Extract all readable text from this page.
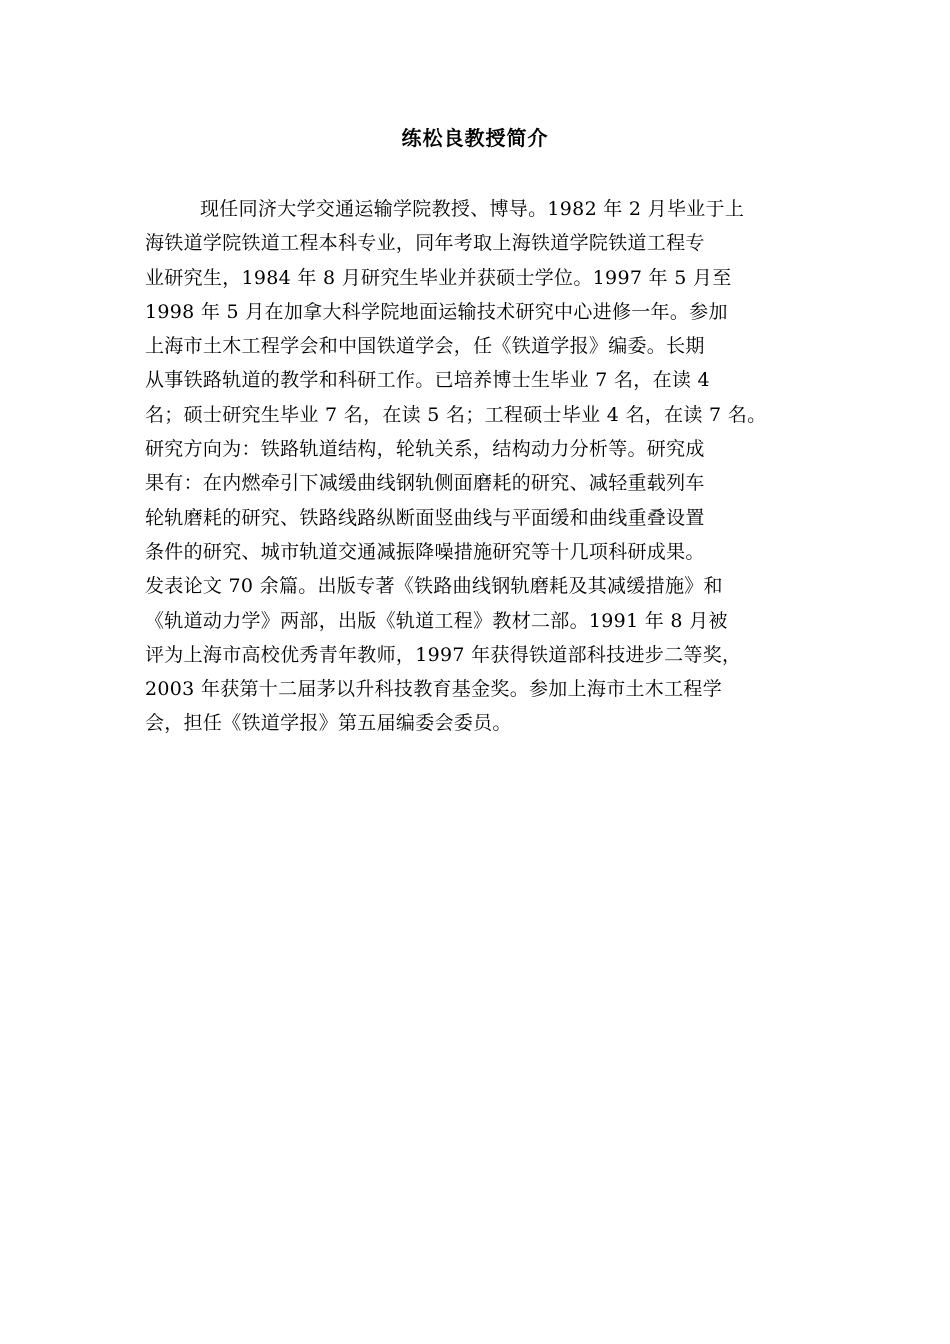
练松良教授简介
现任同济大学交通运输学院教授、博导。1982 年 2 月毕业于上
海铁道学院铁道工程本科专业，同年考取上海铁道学院铁道工程专
业研究生，1984 年 8 月研究生毕业并获硕士学位。1997 年 5 月至
1998 年 5 月在加拿大科学院地面运输技术研究中心进修一年。参加
上海市土木工程学会和中国铁道学会，任《铁道学报》编委。长期
从事铁路轨道的教学和科研工作。已培养博士生毕业 7 名，在读 4
名；硕士研究生毕业 7 名，在读 5 名；工程硕士毕业 4 名，在读 7 名。
研究方向为：铁路轨道结构，轮轨关系，结构动力分析等。研究成
果有：在内燃牵引下减缓曲线钢轨侧面磨耗的研究、减轻重载列车
轮轨磨耗的研究、铁路线路纵断面竖曲线与平面缓和曲线重叠设置
条件的研究、城市轨道交通减振降噪措施研究等十几项科研成果。
发表论文 70 余篇。出版专著《铁路曲线钢轨磨耗及其减缓措施》和
《轨道动力学》两部，出版《轨道工程》教材二部。1991 年 8 月被
评为上海市高校优秀青年教师，1997 年获得铁道部科技进步二等奖，
2003 年获第十二届茅以升科技教育基金奖。参加上海市土木工程学
会，担任《铁道学报》第五届编委会委员。
